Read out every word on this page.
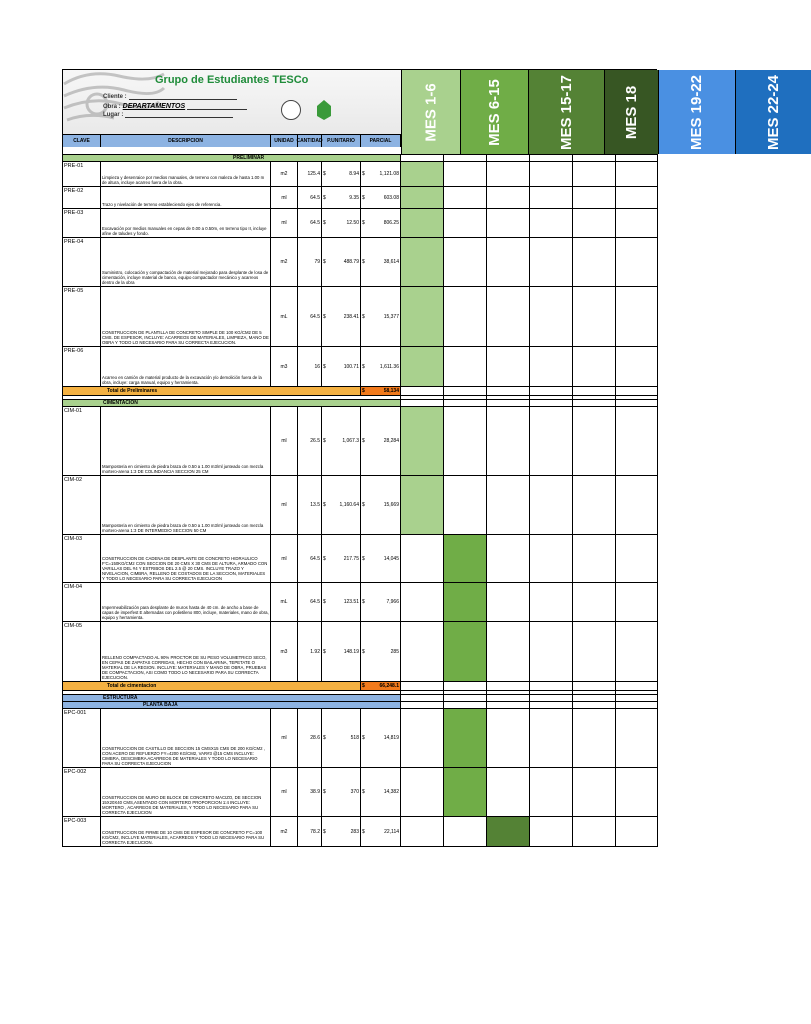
Grupo de Estudiantes TESCo
Cliente :
Obra : DEPARTAMENTOS
Lugar :
CLAVE	DESCRIPCION	UNIDAD CANTIDAD P.UNITARIO	PARCIAL	MES 1-6	MES 6-15	MES 15-17	MES 18	MES 19-22	MES 22-24
PRELIMINAR													
PRE-01	Limpieza y desenraice por medios manuales, de terreno con maleza de hasta 1.00 m de altura, incluye acarreo fuera de la obra.	m2	125.4	$	8.94	$	1,121.08						
PRE-02	Trazo y nivelación de terreno estableciendo ejes de referencia.	ml	64.5	$	9.35	$	603.08						
PRE-03	Excavación por medios manuales en cepas de 0.00 a 0.50m, en terreno tipo II, incluye afine de taludes y fondo.	ml	64.5	$	12.50	$	806.25						
PRE-04	Suministro, colocación y compactación de material mejorado para desplante de losa de cimentación, incluye material de banco, equipo compactador mecánico y acarreos dentro de la obra	m2	79	$	488.79	$	38,614						
PRE-05	CONSTRUCCION DE PLANTILLA DE CONCRETO SIMPLE DE 100 KG/CM2 DE 5 CMS. DE ESPESOR, INCLUYE: ACARREOS DE MATERIALES, LIMPIEZA, MANO DE OBRA Y TODO LO NECESARIO PARA SU CORRECTA EJECUCION.	mL	64.5	$	238.41	$	15,377						
PRE-06	Acarreo en camión de material producto de la excavación y/o demolición fuera de la obra, incluye: carga manual, equipo y herramienta.	m3	16	$	100.71	$	1,611.36						
Total de Preliminares						$	58,134						

CIMENTACION													
CIM-01	Mamposteria en cimiento de piedra braza de 0.50 a 1.00 m3/ml junteado con mezcla mortero-arena 1:3 DE COLINDANCIA SECCION 25 CM	ml	26.5	$	1,067.3	$	28,284						
CIM-02	Mamposteria en cimiento de piedra braza de 0.50 a 1.00 m3/ml junteado con mezcla mortero-arena 1:3 DE INTERMEDIO SECCION 50 CM	ml	13.5	$	1,160.64	$	15,669						
CIM-03	CONSTRUCCION DE CADENA DE DESPLANTE DE CONCRETO HIDRAULICO F'C=150KG/CM2 CON SECCION DE 20 CMS X 30 CMS DE ALTURA, ARMADO CON VARILLAS DEL #4 Y ESTRIBOS DEL 2.5 @ 20 CMS. INCLUYE TRAZO Y NIVELACION, CIMBRA, RELLENO DE COSTADOS DE LA SECCION, MATERIALES Y TODO LO NECESARIO PARA SU CORRECTA EJECUCION	ml	64.5	$	217.75	$	14,045						
CIM-04	Impermeabilización para desplante de muros hasta de 40 cm. de ancho a base de capas de imperfest E alternadas con polietileno 800, incluye, materiales, mano de obra, equipo y herramienta.	mL	64.5	$	123.51	$	7,966						
CIM-05	RELLENO COMPACTADO AL 90% PROCTOR DE SU PESO VOLUMETRICO SECO, EN CEPAS DE ZAPATAS CORRIDAS, HECHO CON BAILARINA, TEPETATE O MATERIAL DE LA REGION. INCLUYE: MATERIALES Y MANO DE OBRA, PRUEBAS DE COMPACTACION, ASI COMO TODO LO NECESARIO PARA SU CORRECTA EJECUCION.	m3	1.92	$	148.19	$	285						
Total de cimentacion						$	66,248.1						

ESTRUCTURA													
PLANTA BAJA													
EPC-001	CONSTRUCCION DE CASTILLO DE SECCION 15 CMSX15 CMS DE 200 KG/CM2 , CON ACERO DE REFUERZO FY=4200 KG/CM2, VAR#3 @15 CMS INCLUYE: CIMBRA, DESCIMBRA ACARREOS DE MATERIALES Y TODO LO NECESARIO PARA SU CORRECTA EJECUCION	ml	28.6	$	518	$	14,819						
EPC-002	CONSTRUCCION DE MURO DE BLOCK DE CONCRETO MACIZO, DE SECCION 15X20X40 CMS,ASENTADO CON MORTERO PROPORCION 1:4 INCLUYE: MORTERO , ACARREOS DE MATERIALES, Y TODO LO NECESARIO PARA SU CORRECTA EJECUCION	ml	38.9	$	370	$	14,382						
EPC-003	CONSTRUCCION DE FIRME DE 10 CMS DE ESPESOR DE CONCRETO F'C=100 KG/CM2, INCLUYE MATERIALES, ACARREOS Y TODO LO NECESARIO PARA SU CORRECTA EJECUCION.	m2	78.2	$	283	$	22,114						
